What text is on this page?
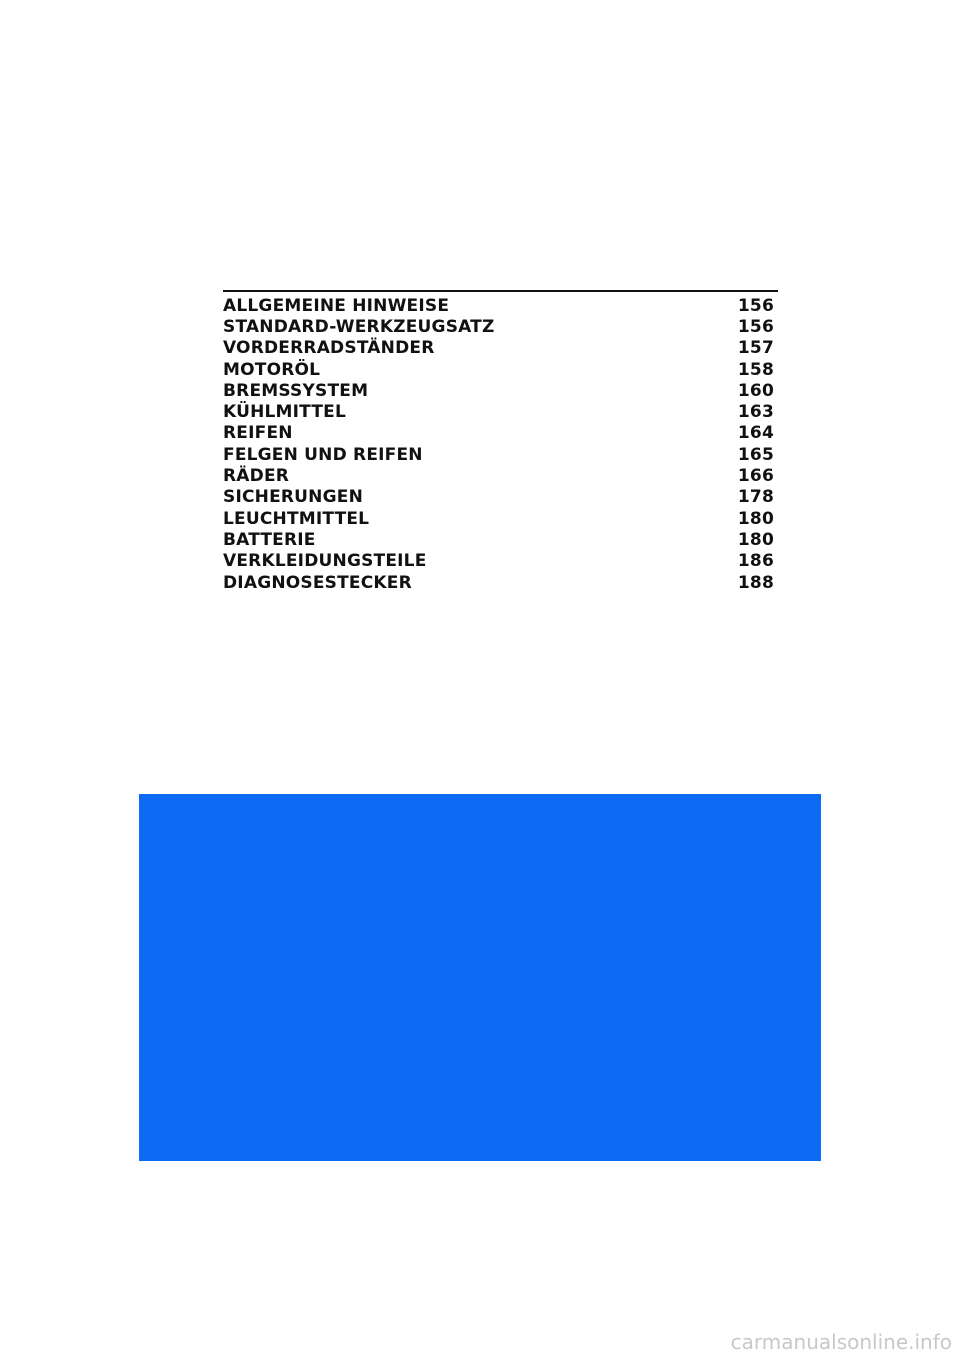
ALLGEMEINE HINWEISE	156
STANDARD-WERKZEUGSATZ	156
VORDERRADSTÄNDER	157
MOTORÖL	158
BREMSSYSTEM	160
KÜHLMITTEL	163
REIFEN	164
FELGEN UND REIFEN	165
RÄDER	166
SICHERUNGEN	178
LEUCHTMITTEL	180
BATTERIE	180
VERKLEIDUNGSTEILE	186
DIAGNOSESTECKER	188
carmanualsonline.info
